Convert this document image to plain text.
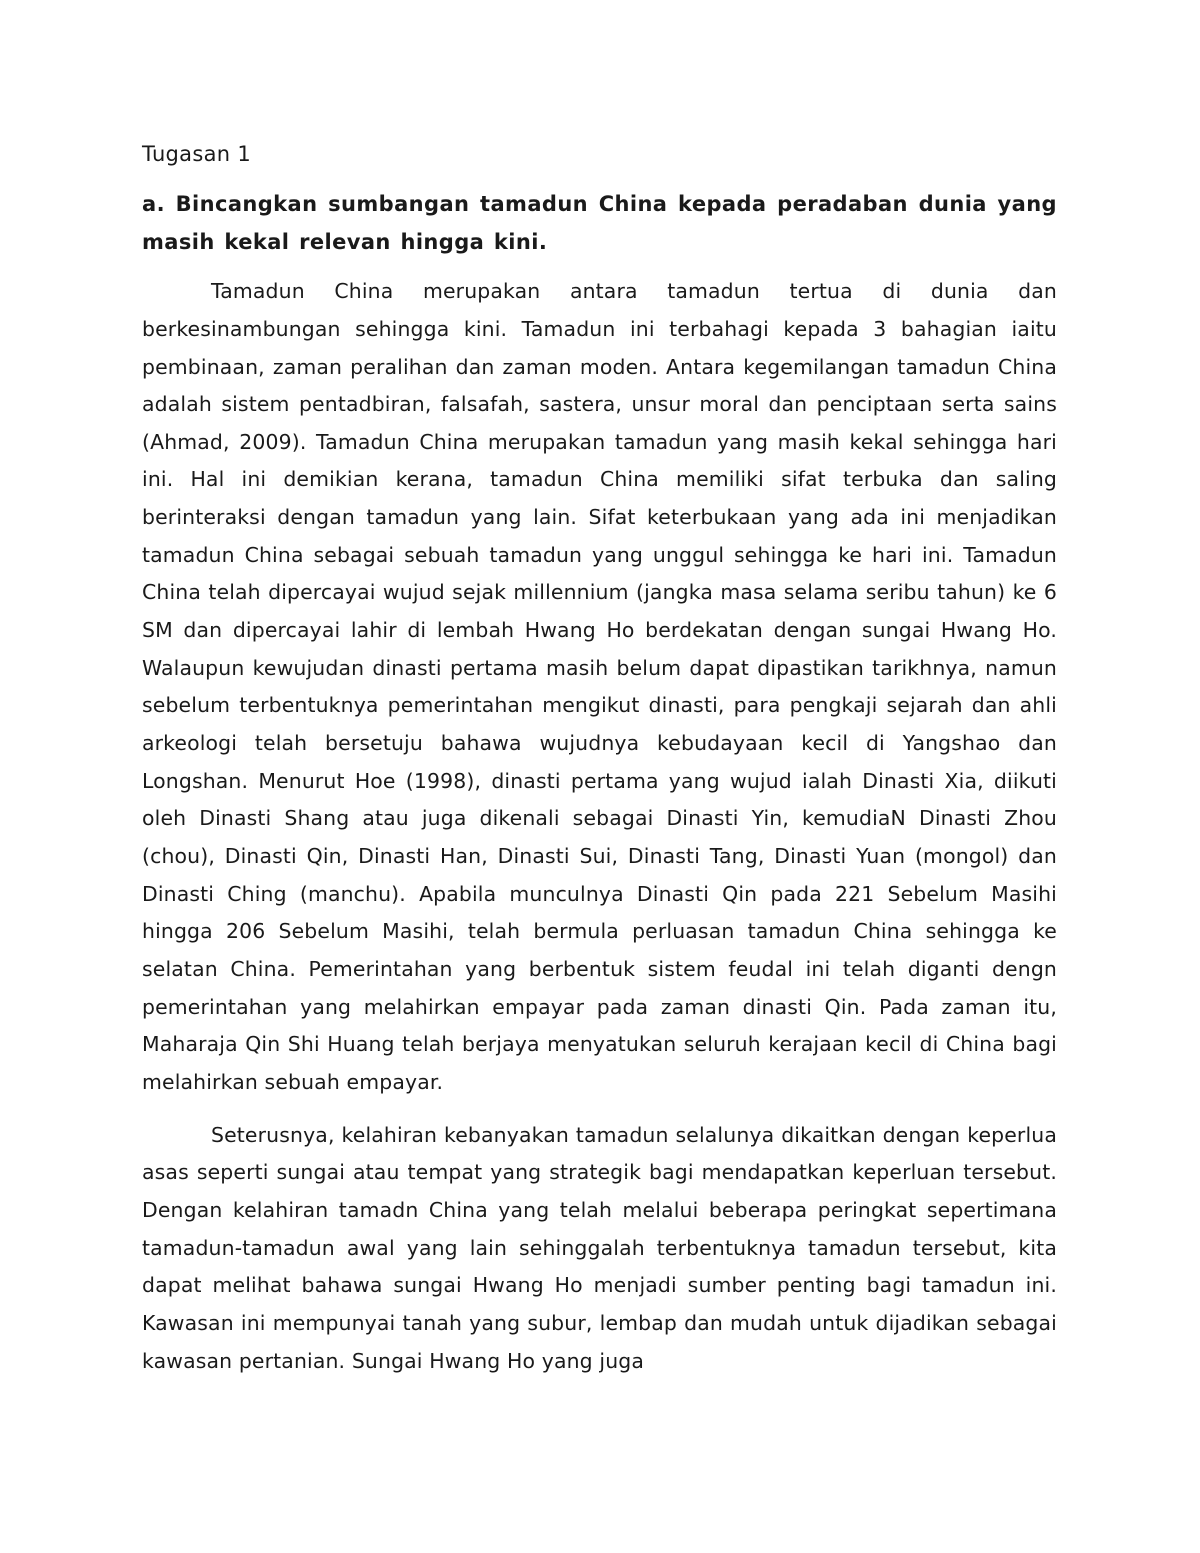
Tugasan 1
a. Bincangkan sumbangan tamadun China kepada peradaban dunia yang masih kekal relevan hingga kini.

Tamadun China merupakan antara tamadun tertua di dunia dan berkesinambungan sehingga kini. Tamadun ini terbahagi kepada 3 bahagian iaitu pembinaan, zaman peralihan dan zaman moden. Antara kegemilangan tamadun China adalah sistem pentadbiran, falsafah, sastera, unsur moral dan penciptaan serta sains (Ahmad, 2009). Tamadun China merupakan tamadun yang masih kekal sehingga hari ini. Hal ini demikian kerana, tamadun China memiliki sifat terbuka dan saling berinteraksi dengan tamadun yang lain. Sifat keterbukaan yang ada ini menjadikan tamadun China sebagai sebuah tamadun yang unggul sehingga ke hari ini. Tamadun China telah dipercayai wujud sejak millennium (jangka masa selama seribu tahun) ke 6 SM dan dipercayai lahir di lembah Hwang Ho berdekatan dengan sungai Hwang Ho. Walaupun kewujudan dinasti pertama masih belum dapat dipastikan tarikhnya, namun sebelum terbentuknya pemerintahan mengikut dinasti, para pengkaji sejarah dan ahli arkeologi telah bersetuju bahawa wujudnya kebudayaan kecil di Yangshao dan Longshan. Menurut Hoe (1998), dinasti pertama yang wujud ialah Dinasti Xia, diikuti oleh Dinasti Shang atau juga dikenali sebagai Dinasti Yin, kemudiaN Dinasti Zhou (chou), Dinasti Qin, Dinasti Han, Dinasti Sui, Dinasti Tang, Dinasti Yuan (mongol) dan Dinasti Ching (manchu). Apabila munculnya Dinasti Qin pada 221 Sebelum Masihi hingga 206 Sebelum Masihi, telah bermula perluasan tamadun China sehingga ke selatan China. Pemerintahan yang berbentuk sistem feudal ini telah diganti dengn pemerintahan yang melahirkan empayar pada zaman dinasti Qin. Pada zaman itu, Maharaja Qin Shi Huang telah berjaya menyatukan seluruh kerajaan kecil di China bagi melahirkan sebuah empayar.

Seterusnya, kelahiran kebanyakan tamadun selalunya dikaitkan dengan keperlua asas seperti sungai atau tempat yang strategik bagi mendapatkan keperluan tersebut. Dengan kelahiran tamadn China yang telah melalui beberapa peringkat sepertimana tamadun-tamadun awal yang lain sehinggalah terbentuknya tamadun tersebut, kita dapat melihat bahawa sungai Hwang Ho menjadi sumber penting bagi tamadun ini. Kawasan ini mempunyai tanah yang subur, lembap dan mudah untuk dijadikan sebagai kawasan pertanian. Sungai Hwang Ho yang juga
